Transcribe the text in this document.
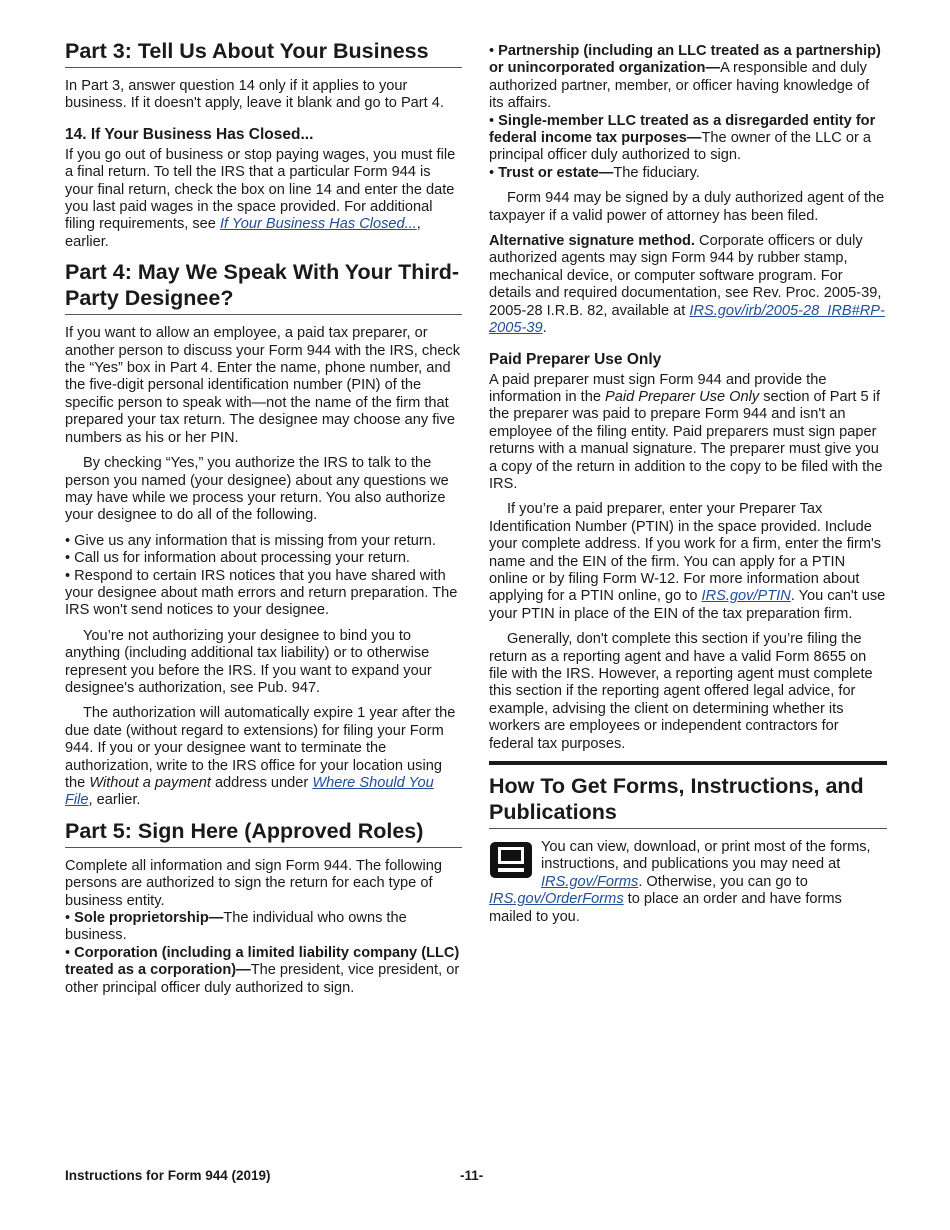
Part 3: Tell Us About Your Business

In Part 3, answer question 14 only if it applies to your business. If it doesn't apply, leave it blank and go to Part 4.

14. If Your Business Has Closed...

If you go out of business or stop paying wages, you must file a final return. To tell the IRS that a particular Form 944 is your final return, check the box on line 14 and enter the date you last paid wages in the space provided. For additional filing requirements, see If Your Business Has Closed..., earlier.

Part 4: May We Speak With Your Third-Party Designee?

If you want to allow an employee, a paid tax preparer, or another person to discuss your Form 944 with the IRS, check the “Yes” box in Part 4. Enter the name, phone number, and the five-digit personal identification number (PIN) of the specific person to speak with—not the name of the firm that prepared your tax return. The designee may choose any five numbers as his or her PIN.

By checking “Yes,” you authorize the IRS to talk to the person you named (your designee) about any questions we may have while we process your return. You also authorize your designee to do all of the following.

• Give us any information that is missing from your return.

• Call us for information about processing your return.

• Respond to certain IRS notices that you have shared with your designee about math errors and return preparation. The IRS won't send notices to your designee.

You’re not authorizing your designee to bind you to anything (including additional tax liability) or to otherwise represent you before the IRS. If you want to expand your designee's authorization, see Pub. 947.

The authorization will automatically expire 1 year after the due date (without regard to extensions) for filing your Form 944. If you or your designee want to terminate the authorization, write to the IRS office for your location using the Without a payment address under Where Should You File, earlier.

Part 5: Sign Here (Approved Roles)

Complete all information and sign Form 944. The following persons are authorized to sign the return for each type of business entity.

• Sole proprietorship—The individual who owns the business.

• Corporation (including a limited liability company (LLC) treated as a corporation)—The president, vice president, or other principal officer duly authorized to sign.

• Partnership (including an LLC treated as a partnership) or unincorporated organization—A responsible and duly authorized partner, member, or officer having knowledge of its affairs.

• Single-member LLC treated as a disregarded entity for federal income tax purposes—The owner of the LLC or a principal officer duly authorized to sign.

• Trust or estate—The fiduciary.

Form 944 may be signed by a duly authorized agent of the taxpayer if a valid power of attorney has been filed.

Alternative signature method. Corporate officers or duly authorized agents may sign Form 944 by rubber stamp, mechanical device, or computer software program. For details and required documentation, see Rev. Proc. 2005-39, 2005-28 I.R.B. 82, available at IRS.gov/irb/2005-28_IRB#RP-2005-39.

Paid Preparer Use Only

A paid preparer must sign Form 944 and provide the information in the Paid Preparer Use Only section of Part 5 if the preparer was paid to prepare Form 944 and isn't an employee of the filing entity. Paid preparers must sign paper returns with a manual signature. The preparer must give you a copy of the return in addition to the copy to be filed with the IRS.

If you’re a paid preparer, enter your Preparer Tax Identification Number (PTIN) in the space provided. Include your complete address. If you work for a firm, enter the firm's name and the EIN of the firm. You can apply for a PTIN online or by filing Form W-12. For more information about applying for a PTIN online, go to IRS.gov/PTIN. You can't use your PTIN in place of the EIN of the tax preparation firm.

Generally, don't complete this section if you’re filing the return as a reporting agent and have a valid Form 8655 on file with the IRS. However, a reporting agent must complete this section if the reporting agent offered legal advice, for example, advising the client on determining whether its workers are employees or independent contractors for federal tax purposes.

How To Get Forms, Instructions, and Publications

You can view, download, or print most of the forms, instructions, and publications you may need at IRS.gov/Forms. Otherwise, you can go to IRS.gov/OrderForms to place an order and have forms mailed to you.

Instructions for Form 944 (2019)	-11-
